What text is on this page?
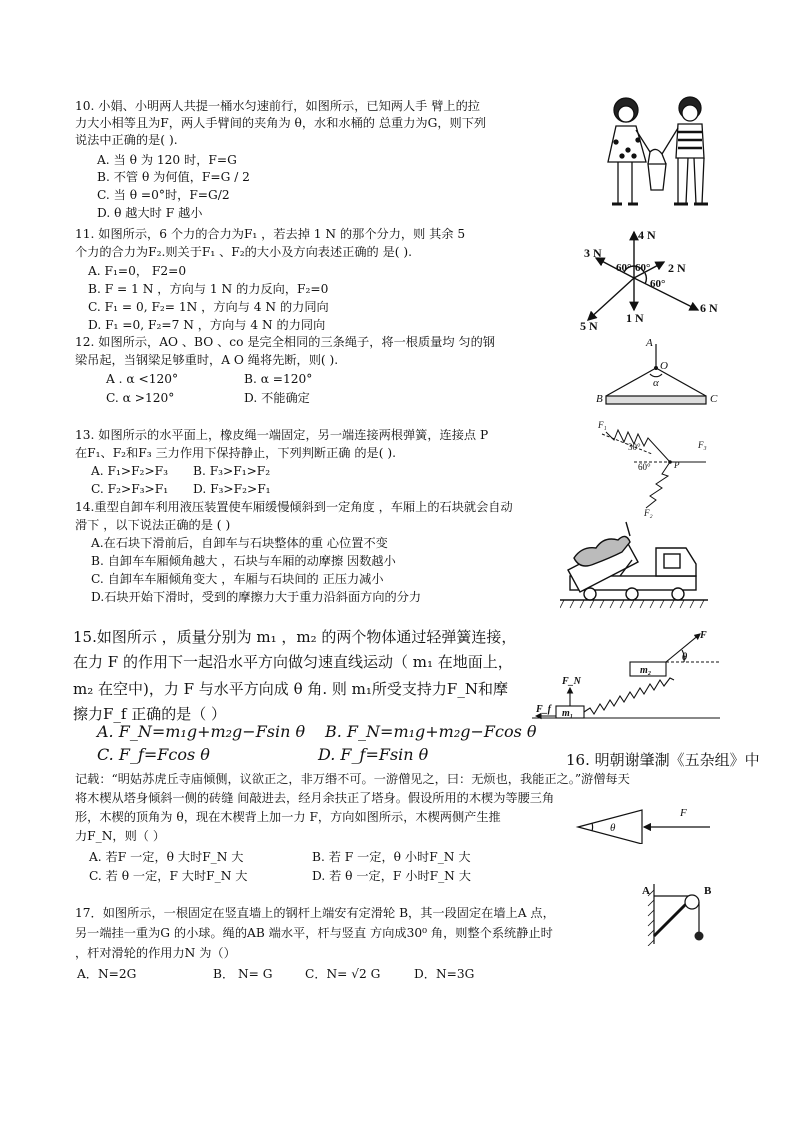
10. 小娟、小明两人共提一桶水匀速前行，如图所示，已知两人手 臂上的拉
力大小相等且为F，两人手臂间的夹角为 θ，水和水桶的 总重力为G，则下列
说法中正确的是( ).
A. 当 θ 为 120 时，F=G
B. 不管 θ 为何值，F=G / 2
C. 当 θ =0°时，F=G/2
D. θ 越大时 F 越小
11. 如图所示，6 个力的合力为F₁ ，若去掉 1 N 的那个分力，则 其余 5
个力的合力为F₂.则关于F₁ 、F₂的大小及方向表述正确的 是( ).
A. F₁=0， F2=0
B. F = 1 N ，方向与 1 N 的力反向，F₂=0
C. F₁ = 0, F₂= 1N ，方向与 4 N 的力同向
D. F₁ =0, F₂=7 N ，方向与 4 N 的力同向
4 N
3 N
2 N
6 N
5 N
1 N
60° 60°
60°
12. 如图所示，AO 、BO 、co 是完全相同的三条绳子，将一根质量均 匀的钢
梁吊起，当钢梁足够重时，A O 绳将先断，则( ).
A . α <120°	B. α =120°
C. α >120°	D. 不能确定
A
O
α
B	C
13. 如图所示的水平面上，橡皮绳一端固定，另一端连接两根弹簧，连接点 P
在F₁、F₂和F₃ 三力作用下保持静止，下列判断正确 的是( ).
A. F₁>F₂>F₃ B. F₃>F₁>F₂
C. F₂>F₃>F₁ D. F₃>F₂>F₁
F₁
F₃
F₂
P
30°
60°
14.重型自卸车利用液压装置使车厢缓慢倾斜到一定角度 ，车厢上的石块就会自动
滑下 ，以下说法正确的是 ( )
A.在石块下滑前后，自卸车与石块整体的重 心位置不变
B. 自卸车车厢倾角越大 ，石块与车厢的动摩擦 因数越小
C. 自卸车车厢倾角变大 ，车厢与石块间的 正压力减小
D.石块开始下滑时，受到的摩擦力大于重力沿斜面方向的分力
15.如图所示 ，质量分别为 m₁ ，m₂ 的两个物体通过轻弹簧连接，
在力 F 的作用下一起沿水平方向做匀速直线运动（ m₁ 在地面上，
m₂ 在空中)，力 F 与水平方向成 θ 角. 则 m₁所受支持力F_N和摩
擦力F_f 正确的是（ ）
A. F_N=m₁g+m₂g−Fsin θ B. F_N=m₁g+m₂g−Fcos θ
C. F_f=Fcos θ	D. F_f=Fsin θ
F
θ
m₂
F_N
F_f m₁
16. 明朝谢肇淛《五杂组》中
记载：“明姑苏虎丘寺庙倾侧，议欲正之，非万缗不可。一游僧见之，曰：无烦也，我能正之。”游僧每天
将木楔从塔身倾斜一侧的砖缝 间敲进去，经月余扶正了塔身。假设所用的木楔为等腰三角
形，木楔的顶角为 θ，现在木楔背上加一力 F，方向如图所示，木楔两侧产生推
力F_N，则（ ）
A. 若F 一定，θ 大时F_N 大	B. 若 F 一定，θ 小时F_N 大
C. 若 θ 一定，F 大时F_N 大	D. 若 θ 一定，F 小时F_N 大
F
θ
17．如图所示，一根固定在竖直墙上的钢杆上端安有定滑轮 B，其一段固定在墙上A 点，
另一端挂一重为G 的小球。绳的AB 端水平，杆与竖直 方向成30⁰ 角，则整个系统静止时
，杆对滑轮的作用力N 为（）
A．N=2G	B． N= G	C．N= √2 G	D．N=3G
A	B
